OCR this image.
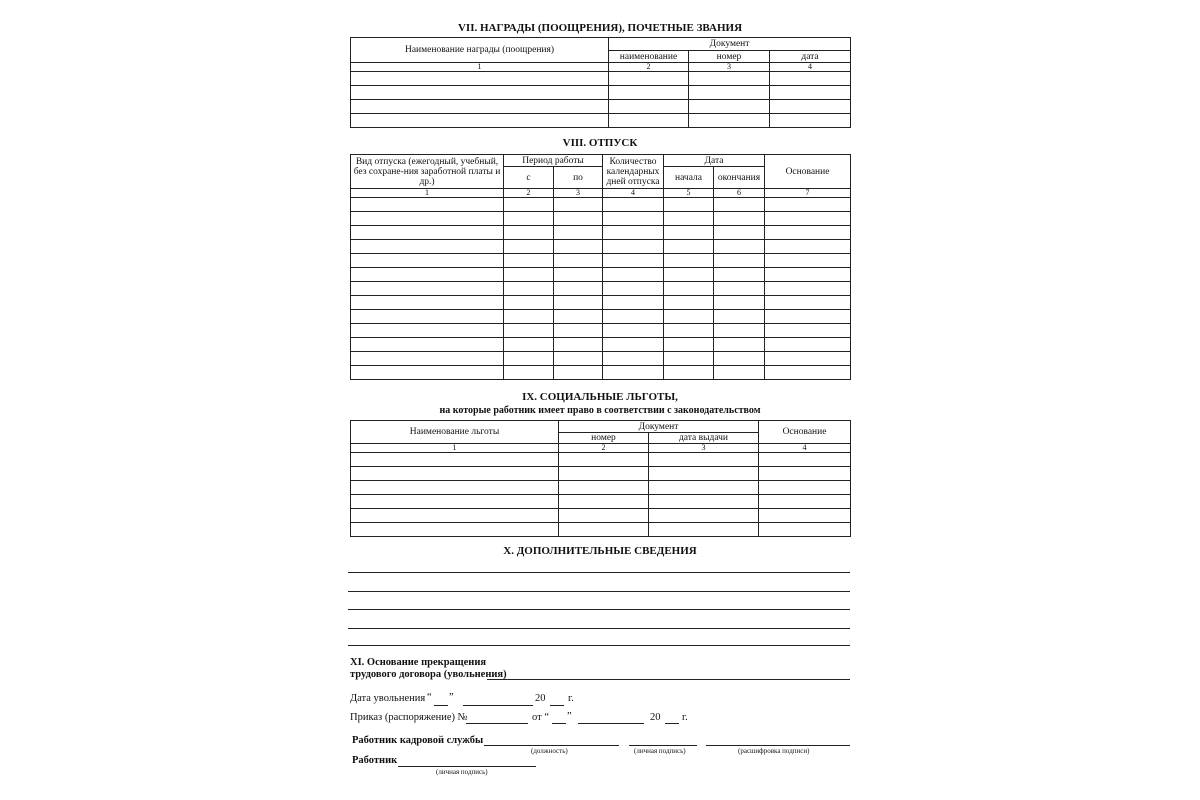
VII. НАГРАДЫ (ПООЩРЕНИЯ), ПОЧЕТНЫЕ ЗВАНИЯ
Наименование награды (поощрения)	Документ		
	наименование	номер	дата
1	2	3	4

VIII. ОТПУСК
Вид отпуска (ежегодный, учебный, без сохране-ния заработной платы и др.)	Период работы		Количество календарных дней отпуска	Дата		Основание
	с	по		начала	окончания	
1	2	3	4	5	6	7

IX. СОЦИАЛЬНЫЕ ЛЬГОТЫ,
на которые работник имеет право в соответствии с законодательством
Наименование льготы	Документ		Основание
	номер	дата выдачи	
1	2	3	4

X. ДОПОЛНИТЕЛЬНЫЕ СВЕДЕНИЯ
XI. Основание прекращения
трудового договора (увольнения)
Дата увольнения “ ”	20 г.
Приказ (распоряжение) №	от “ ”	20 г.
Работник кадровой службы
(должность)	(личная подпись)	(расшифровка подписи)
Работник
(личная подпись)
